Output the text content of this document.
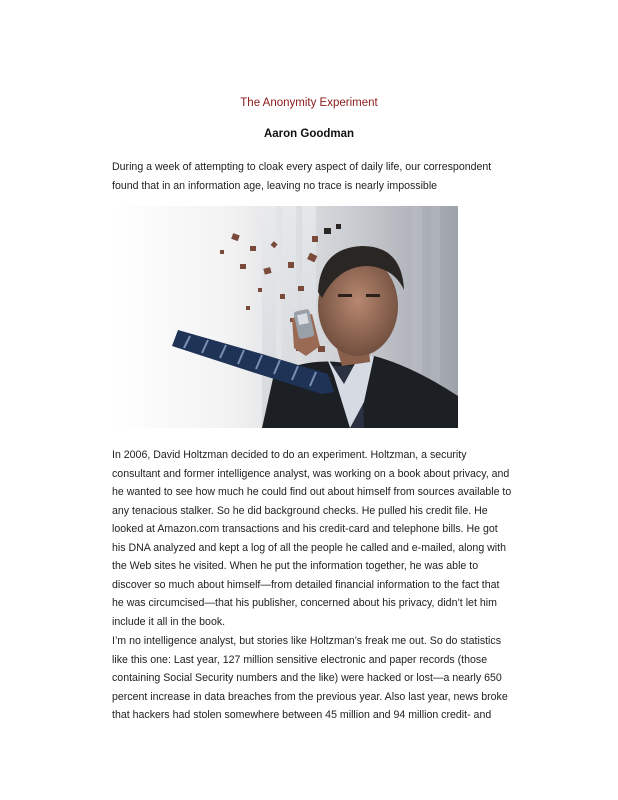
The Anonymity Experiment
Aaron Goodman
During a week of attempting to cloak every aspect of daily life, our correspondent
found that in an information age, leaving no trace is nearly impossible
In 2006, David Holtzman decided to do an experiment. Holtzman, a security
consultant and former intelligence analyst, was working on a book about privacy, and
he wanted to see how much he could find out about himself from sources available to
any tenacious stalker. So he did background checks. He pulled his credit file. He
looked at Amazon.com transactions and his credit-card and telephone bills. He got
his DNA analyzed and kept a log of all the people he called and e-mailed, along with
the Web sites he visited. When he put the information together, he was able to
discover so much about himself—from detailed financial information to the fact that
he was circumcised—that his publisher, concerned about his privacy, didn’t let him
include it all in the book.
I’m no intelligence analyst, but stories like Holtzman’s freak me out. So do statistics
like this one: Last year, 127 million sensitive electronic and paper records (those
containing Social Security numbers and the like) were hacked or lost—a nearly 650
percent increase in data breaches from the previous year. Also last year, news broke
that hackers had stolen somewhere between 45 million and 94 million credit- and
